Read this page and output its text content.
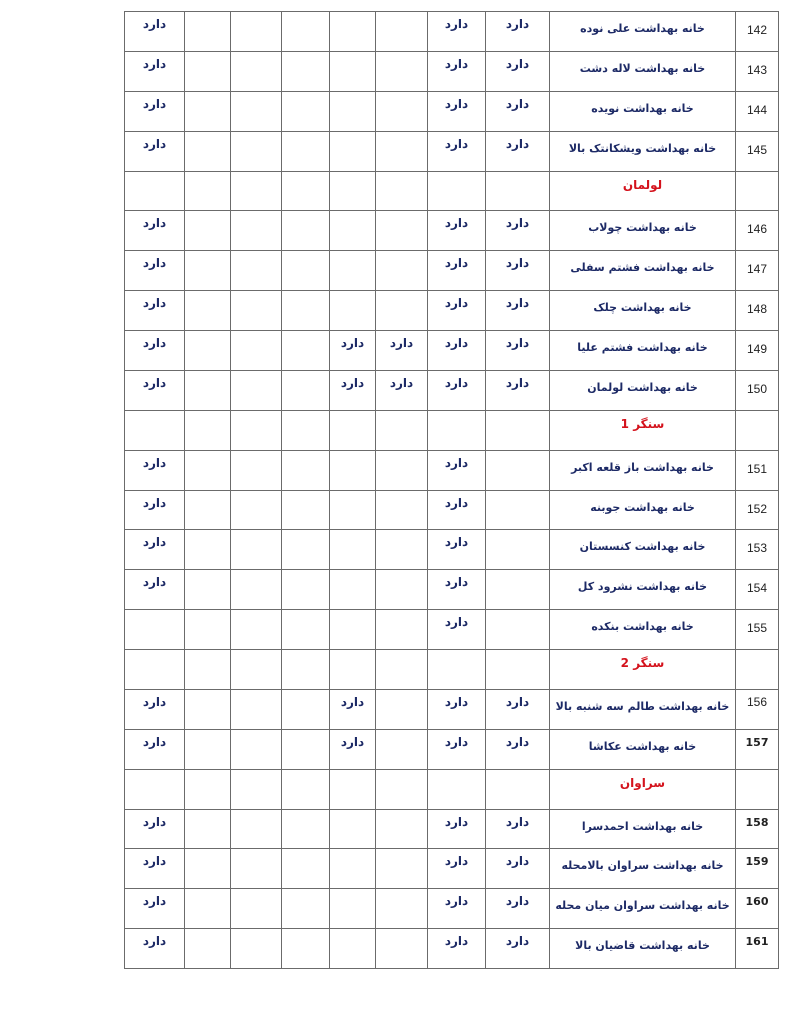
دارد						دارد	دارد	خانه بهداشت علی نوده	142

دارد						دارد	دارد	خانه بهداشت لاله دشت	143

دارد						دارد	دارد	خانه بهداشت نویده	144

دارد						دارد	دارد	خانه بهداشت ویشکانتک بالا	145

								لولمان	

دارد						دارد	دارد	خانه بهداشت چولاب	146

دارد						دارد	دارد	خانه بهداشت فشتم سفلی	147

دارد						دارد	دارد	خانه بهداشت چلک	148

دارد				دارد	دارد	دارد	دارد	خانه بهداشت فشتم علیا	149

دارد				دارد	دارد	دارد	دارد	خانه بهداشت لولمان	150

								سنگر 1	

دارد						دارد		خانه بهداشت باز قلعه اکبر	151

دارد						دارد		خانه بهداشت جوبنه	152

دارد						دارد		خانه بهداشت کنسستان	153

دارد						دارد		خانه بهداشت نشرود کل	154

						دارد		خانه بهداشت بنکده	155

								سنگر 2	

دارد				دارد		دارد	دارد	خانه بهداشت طالم سه شنبه بالا	156

دارد				دارد		دارد	دارد	خانه بهداشت عکاشا	157

								سراوان	

دارد						دارد	دارد	خانه بهداشت احمدسرا	158

دارد						دارد	دارد	خانه بهداشت سراوان بالامحله	159

دارد						دارد	دارد	خانه بهداشت سراوان میان محله	160

دارد						دارد	دارد	خانه بهداشت قاضیان بالا	161
